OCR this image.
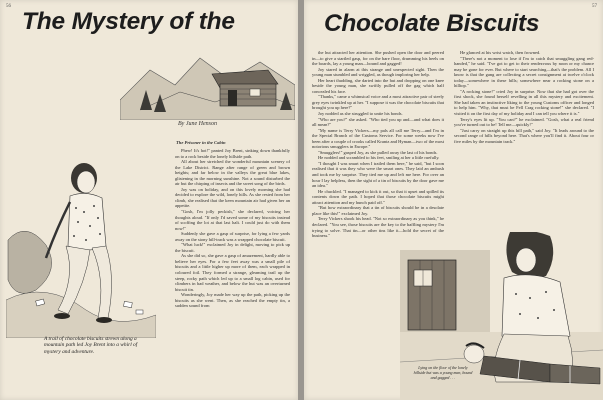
56
The Mystery of the
By June Henson
The Prisoner in the Cabin

Phew! It's hot!" panted Joy Brent, sinking down thankfully on to a rock beside the lonely hillside path.

All about her stretched the wonderful mountain scenery of the Lake District. Range after range of green and brown heights; and far below in the valleys the great blue lakes, glistening in the morning sunshine. Not a sound disturbed the air but the chirping of insects and the sweet song of the birds.

Joy was on holiday, and on this lovely morning she had decided to explore the wild, lonely hills. As she rested from her climb, she realised that the keen mountain air had given her an appetite.

"Gosh, I'm jolly peckish," she declared, voicing her thoughts aloud. "If only I'd saved some of my biscuits instead of scoffing the lot at that last halt. I could just do with them now!"

Suddenly she gave a gasp of surprise, for lying a few yards away on the stony hill-track was a wrapped chocolate biscuit.

"What luck!" exclaimed Joy in delight, moving to pick up the biscuit.

As she did so, she gave a gasp of amazement, hardly able to believe her eyes. For a few feet away was a small pile of biscuits and a little higher up more of them, each wrapped in coloured foil. They formed a strange, gleaming trail up the steep, rocky path which led up to a small log cabin, used for climbers in bad weather, and below the hut was an overturned biscuit tin.

Wonderingly, Joy made her way up the path, picking up the biscuits as she went. Then, as she reached the empty tin, a sudden sound from

A trail of chocolate biscuits strewn along a mountain path led Joy Brent into a whirl of mystery and adventure.
57
Chocolate Biscuits

the hut attracted her attention. She pushed open the door and peered in—to give a startled gasp, for on the bare floor, drumming his heels on the boards, lay a young man—bound and gagged!

Joy stared in alarm at this strange and unexpected sight. Then the young man stumbled and wriggled, as though imploring her help.

Her heart thudding, she darted into the hut and dropping on one knee beside the young man, she swiftly pulled off the gag which half concealed his face.

"Thanks," came a whimsical voice and a most attractive pair of steely grey eyes twinkled up at her. "I suppose it was the chocolate biscuits that brought you up here?"

Joy nodded as she struggled to untie his bonds.

"Who are you?" she asked. "Who tied you up and—and what does it all mean?"

"My name is Terry Vickers—my pals all call me Terry—and I'm in the Special Branch of the Customs Service. For some weeks now I've been after a couple of crooks called Krantz and Hyman—two of the most notorious smugglers in Europe."

"Smugglers!" gasped Joy, as she pulled away the last of his bonds.

He nodded and scrambled to his feet, smiling at her a little ruefully.

"I thought I was smart when I trailed them here," he said, "but I soon realised that it was they who were the smart ones. They laid an ambush and took me by surprise. They tied me up and left me here. For over an hour I lay helpless, then the sight of a tin of biscuits by the door gave me an idea."

He chuckled. "I managed to kick it out, so that it upset and spilled its contents down the path. I hoped that those chocolate biscuits might attract attention and my hunch paid off."

"But how extraordinary that a tin of biscuits should be in a desolate place like this!" exclaimed Joy.

Terry Vickers shook his head. "Not so extraordinary as you think," he declared. "You see, those biscuits are the key to the baffling mystery I'm trying to solve. That tin—or other tins like it—hold the secret of the business."

He glanced at his wrist watch, then frowned.

"There's not a moment to lose if I'm to catch that smuggling gang red-handed," he said. "I've got to get to their rendezvous by noon or my chance may be gone for ever. But where to start searching—that's the problem. All I know is that the gang are collecting a secret consignment at twelve o'clock today—somewhere in these hills; somewhere near a rocking stone on a hilltop."

"A rocking stone!" cried Joy in surprise. Now that she had got over the first shock, she found herself revelling in all this mystery and excitement. She had taken an instinctive liking to the young Customs officer and longed to help him. "Why, that must be Fell Crag rocking stone!" she declared. "I visited it on the first day of my holiday and I can tell you where it is."

Terry's eyes lit up. "You can?" he exclaimed. "Gosh, what a real friend you've turned out to be! Tell me—quickly!"

"Just carry on straight up this hill path," said Joy. "It leads around to the second range of hills beyond here. That's where you'll find it. About four or five miles by the mountain track."

Lying on the floor of the lonely hillside hut was a young man, bound and gagged . . .
